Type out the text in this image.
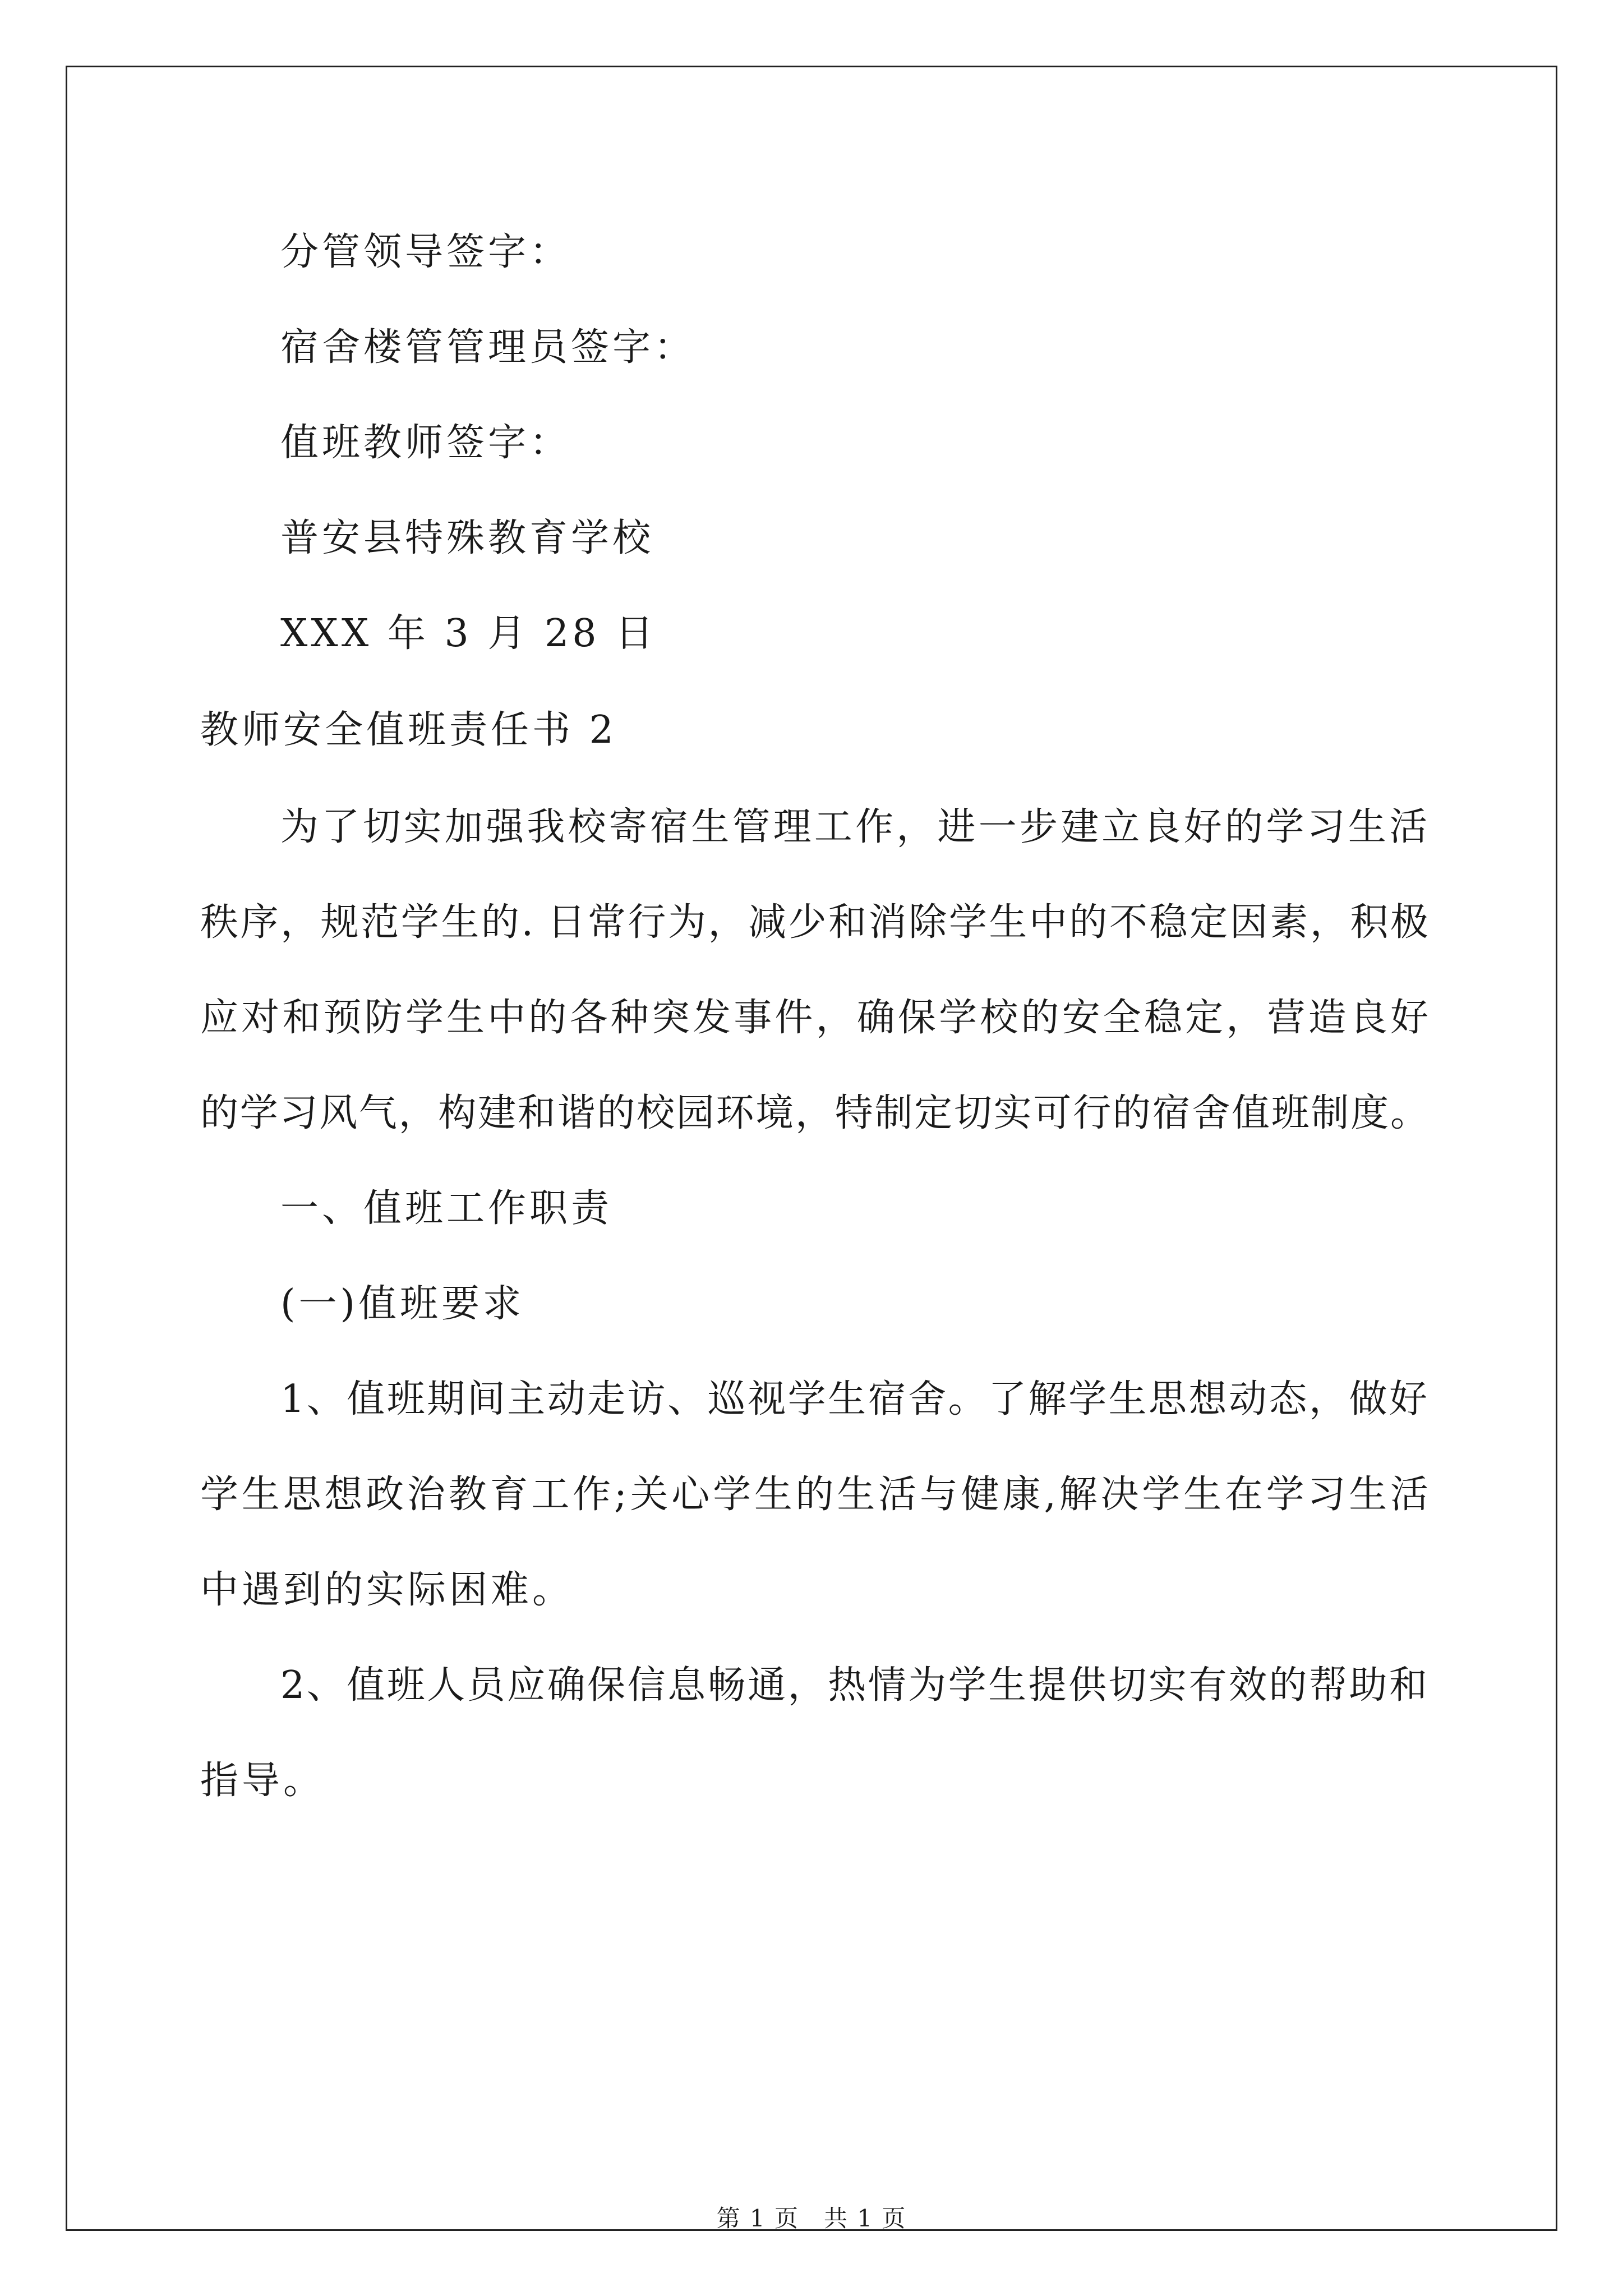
分管领导签字：
宿舍楼管管理员签字：
值班教师签字：
普安县特殊教育学校
XXX 年 3 月 28 日
教师安全值班责任书 2
为了切实加强我校寄宿生管理工作，进一步建立良好的学习生活
秩序，规范学生的. 日常行为，减少和消除学生中的不稳定因素，积极
应对和预防学生中的各种突发事件，确保学校的安全稳定，营造良好
的学习风气，构建和谐的校园环境，特制定切实可行的宿舍值班制度。
一、值班工作职责
(一)值班要求
1、值班期间主动走访、巡视学生宿舍。了解学生思想动态，做好
学生思想政治教育工作;关心学生的生活与健康,解决学生在学习生活
中遇到的实际困难。
2、值班人员应确保信息畅通，热情为学生提供切实有效的帮助和
指导。
第 1 页　共 1 页
